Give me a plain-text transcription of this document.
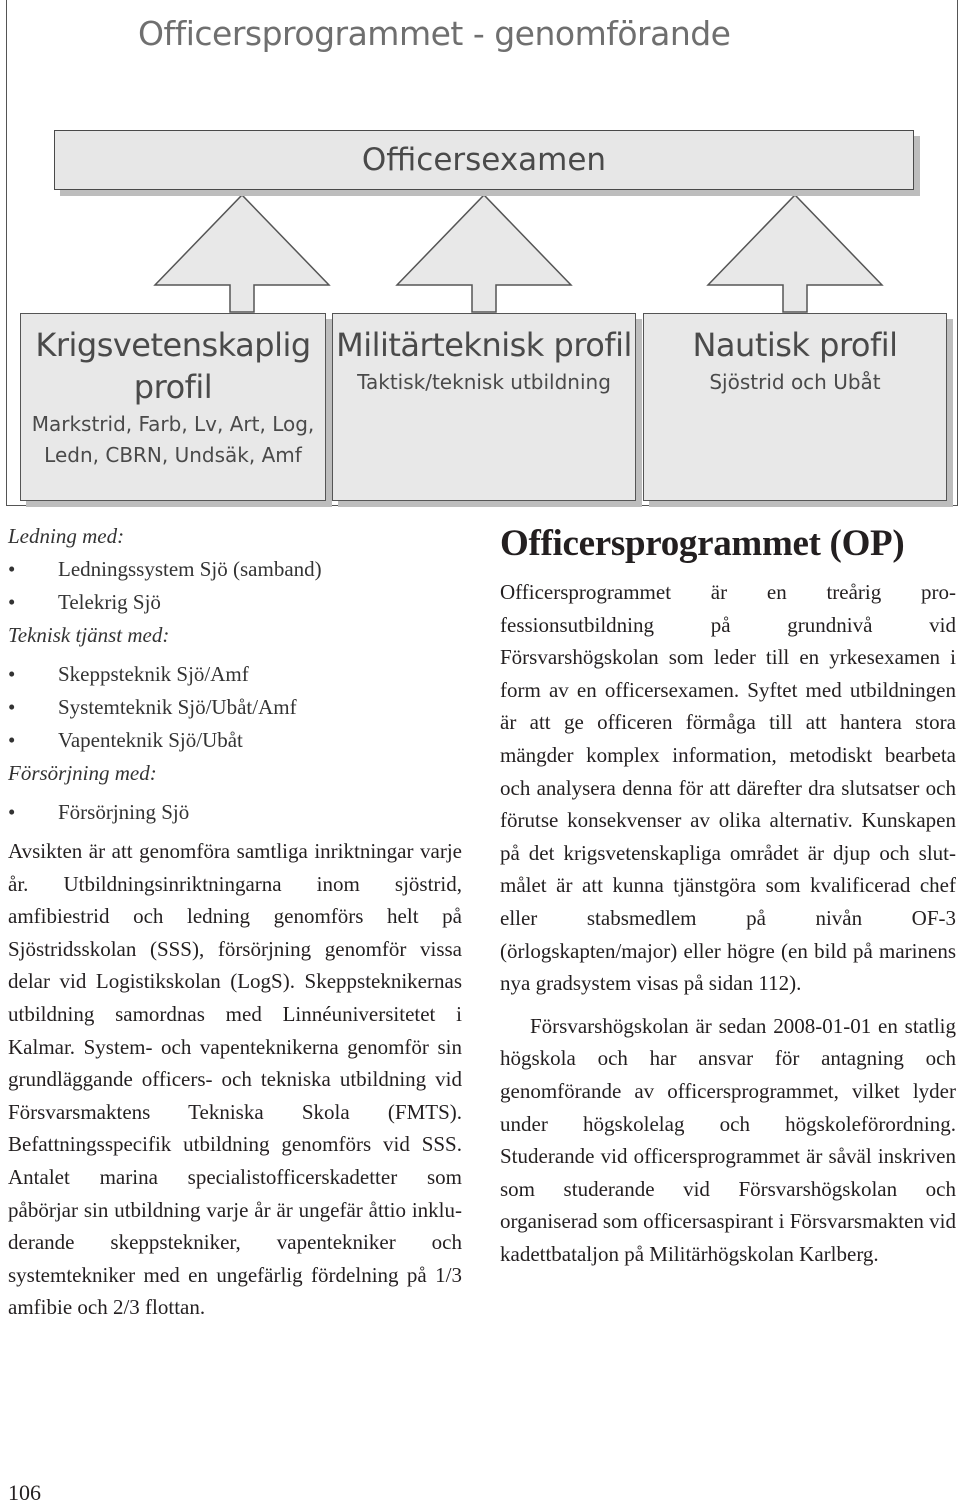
Officersprogrammet - genomförande
Officersexamen
Krigsvetenskaplig profil
Markstrid, Farb, Lv, Art, Log, Ledn, CBRN, Undsäk, Amf
Militärteknisk profil
Taktisk/teknisk utbildning
Nautisk profil
Sjöstrid och Ubåt
Ledning med:
• Ledningssystem Sjö (samband)
• Telekrig Sjö
Teknisk tjänst med:
• Skeppsteknik Sjö/Amf
• Systemteknik Sjö/Ubåt/Amf
• Vapenteknik Sjö/Ubåt
Försörjning med:
• Försörjning Sjö
Avsikten är att genomföra samtliga inriktningar varje år. Utbildningsinriktningarna inom sjöstrid, amfibiestrid och ledning genomförs helt på Sjöstridsskolan (SSS), försörjning genomför vissa delar vid Logistikskolan (LogS). Skeppsteknikernas utbildning samordnas med Linnéuniversitetet i Kalmar. System- och vapenteknikerna genomför sin grundläggande officers- och tekniska utbildning vid Försvarsmaktens Tekniska Skola (FMTS). Befattningsspecifik utbildning genomförs vid SSS. Antalet marina specialistofficerskadetter som påbörjar sin utbildning varje år är ungefär åttio inkluderande skeppstekniker, vapentekniker och systemtekniker med en ungefärlig fördelning på 1/3 amfibie och 2/3 flottan.
Officersprogrammet (OP)
Officersprogrammet är en treårig professionsutbildning på grundnivå vid Försvarshögskolan som leder till en yrkesexamen i form av en officersexamen. Syftet med utbildningen är att ge officeren förmåga till att hantera stora mängder komplex information, metodiskt bearbeta och analysera denna för att därefter dra slutsatser och förutse konsekvenser av olika alternativ. Kunskapen på det krigsvetenskapliga området är djup och slutmålet är att kunna tjänstgöra som kvalificerad chef eller stabsmedlem på nivån OF-3 (örlogskapten/major) eller högre (en bild på marinens nya gradsystem visas på sidan 112).
Försvarshögskolan är sedan 2008-01-01 en statlig högskola och har ansvar för antagning och genomförande av officersprogrammet, vilket lyder under högskolelag och högskoleförordning. Studerande vid officersprogrammet är såväl inskriven som studerande vid Försvarshögskolan och organiserad som officersaspirant i Försvarsmakten vid kadettbataljon på Militärhögskolan Karlberg.
106
